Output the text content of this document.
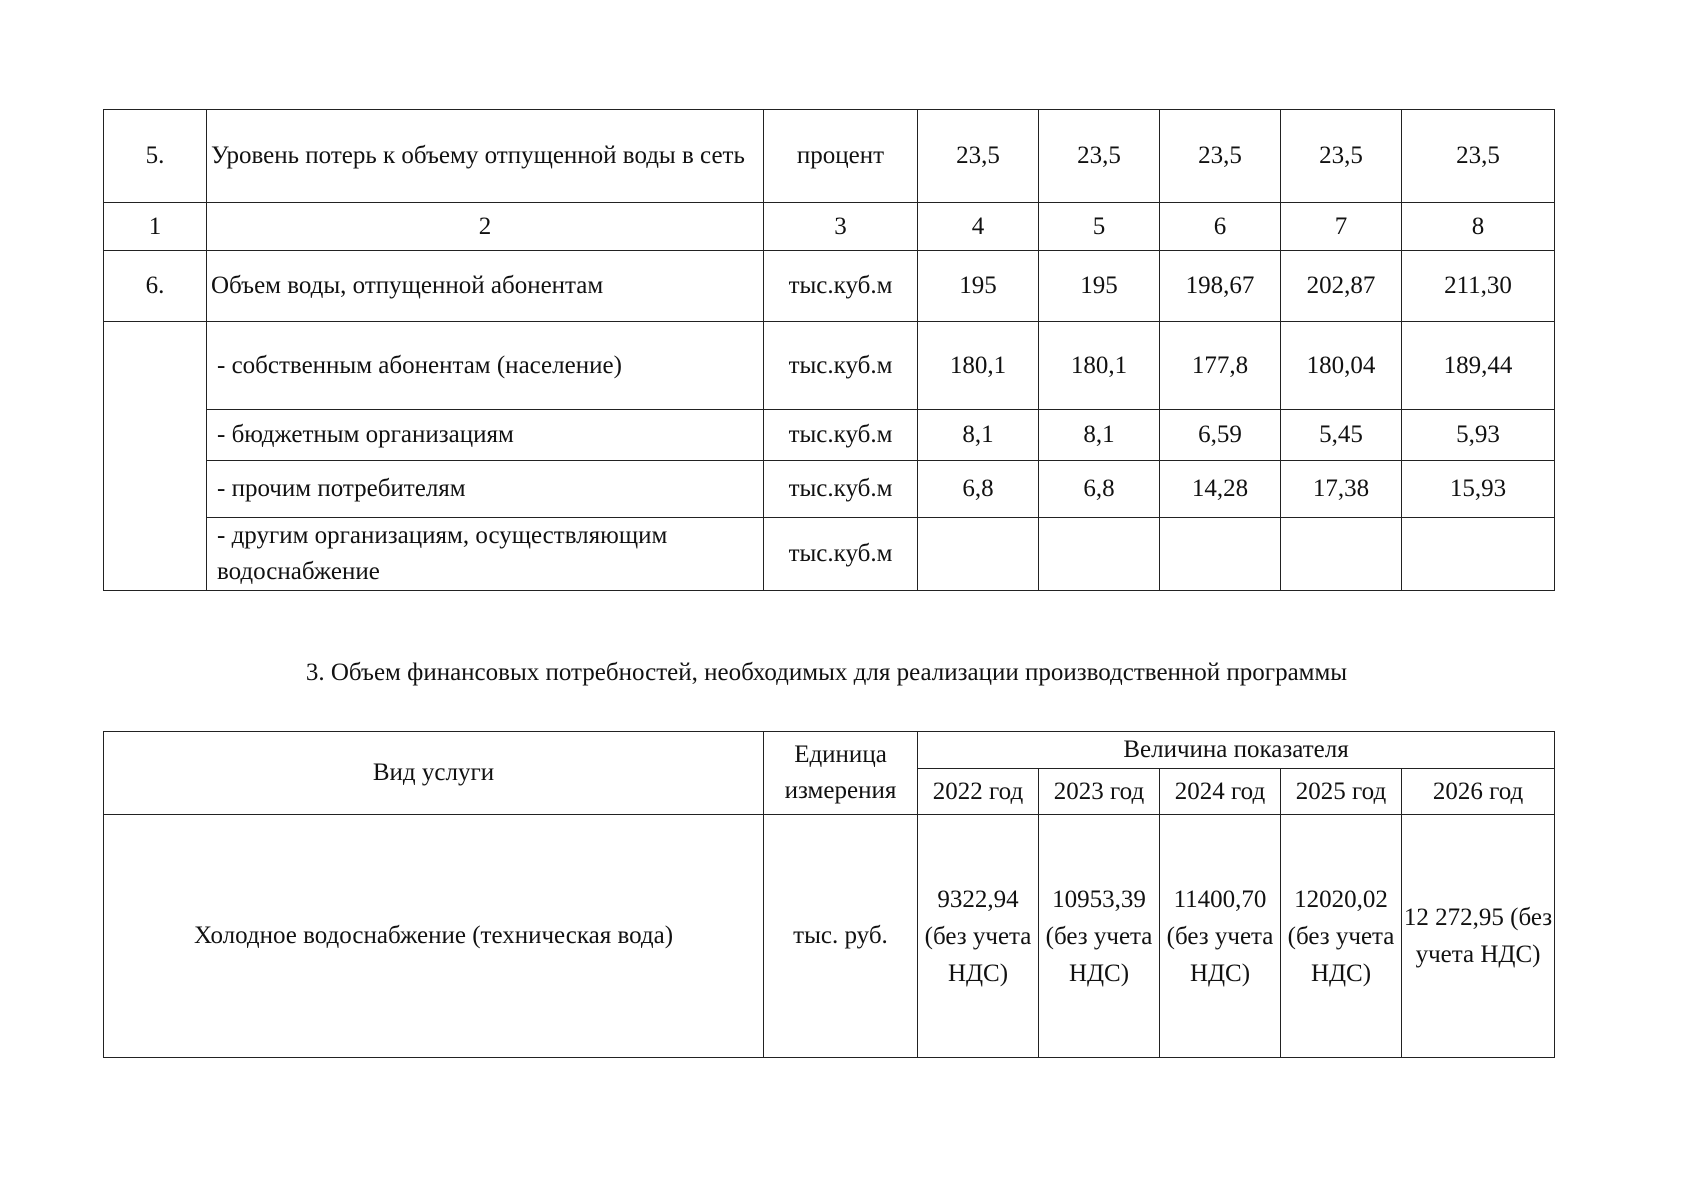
5.	Уровень потерь к объему отпущенной воды в сеть	процент	23,5	23,5	23,5	23,5	23,5
1	2	3	4	5	6	7	8
6.	Объем воды, отпущенной абонентам	тыс.куб.м	195	195	198,67	202,87	211,30
	- собственным абонентам (население)	тыс.куб.м	180,1	180,1	177,8	180,04	189,44
	- бюджетным организациям	тыс.куб.м	8,1	8,1	6,59	5,45	5,93
	- прочим потребителям	тыс.куб.м	6,8	6,8	14,28	17,38	15,93
	- другим организациям, осуществляющим водоснабжение	тыс.куб.м					
3. Объем финансовых потребностей, необходимых для реализации производственной программы
Вид услуги	Единица измерения	Величина показателя				
		2022 год	2023 год	2024 год	2025 год	2026 год
Холодное водоснабжение (техническая вода)	тыс. руб.	9322,94 (без учета НДС)	10953,39 (без учета НДС)	11400,70 (без учета НДС)	12020,02 (без учета НДС)	12 272,95 (без учета НДС)
